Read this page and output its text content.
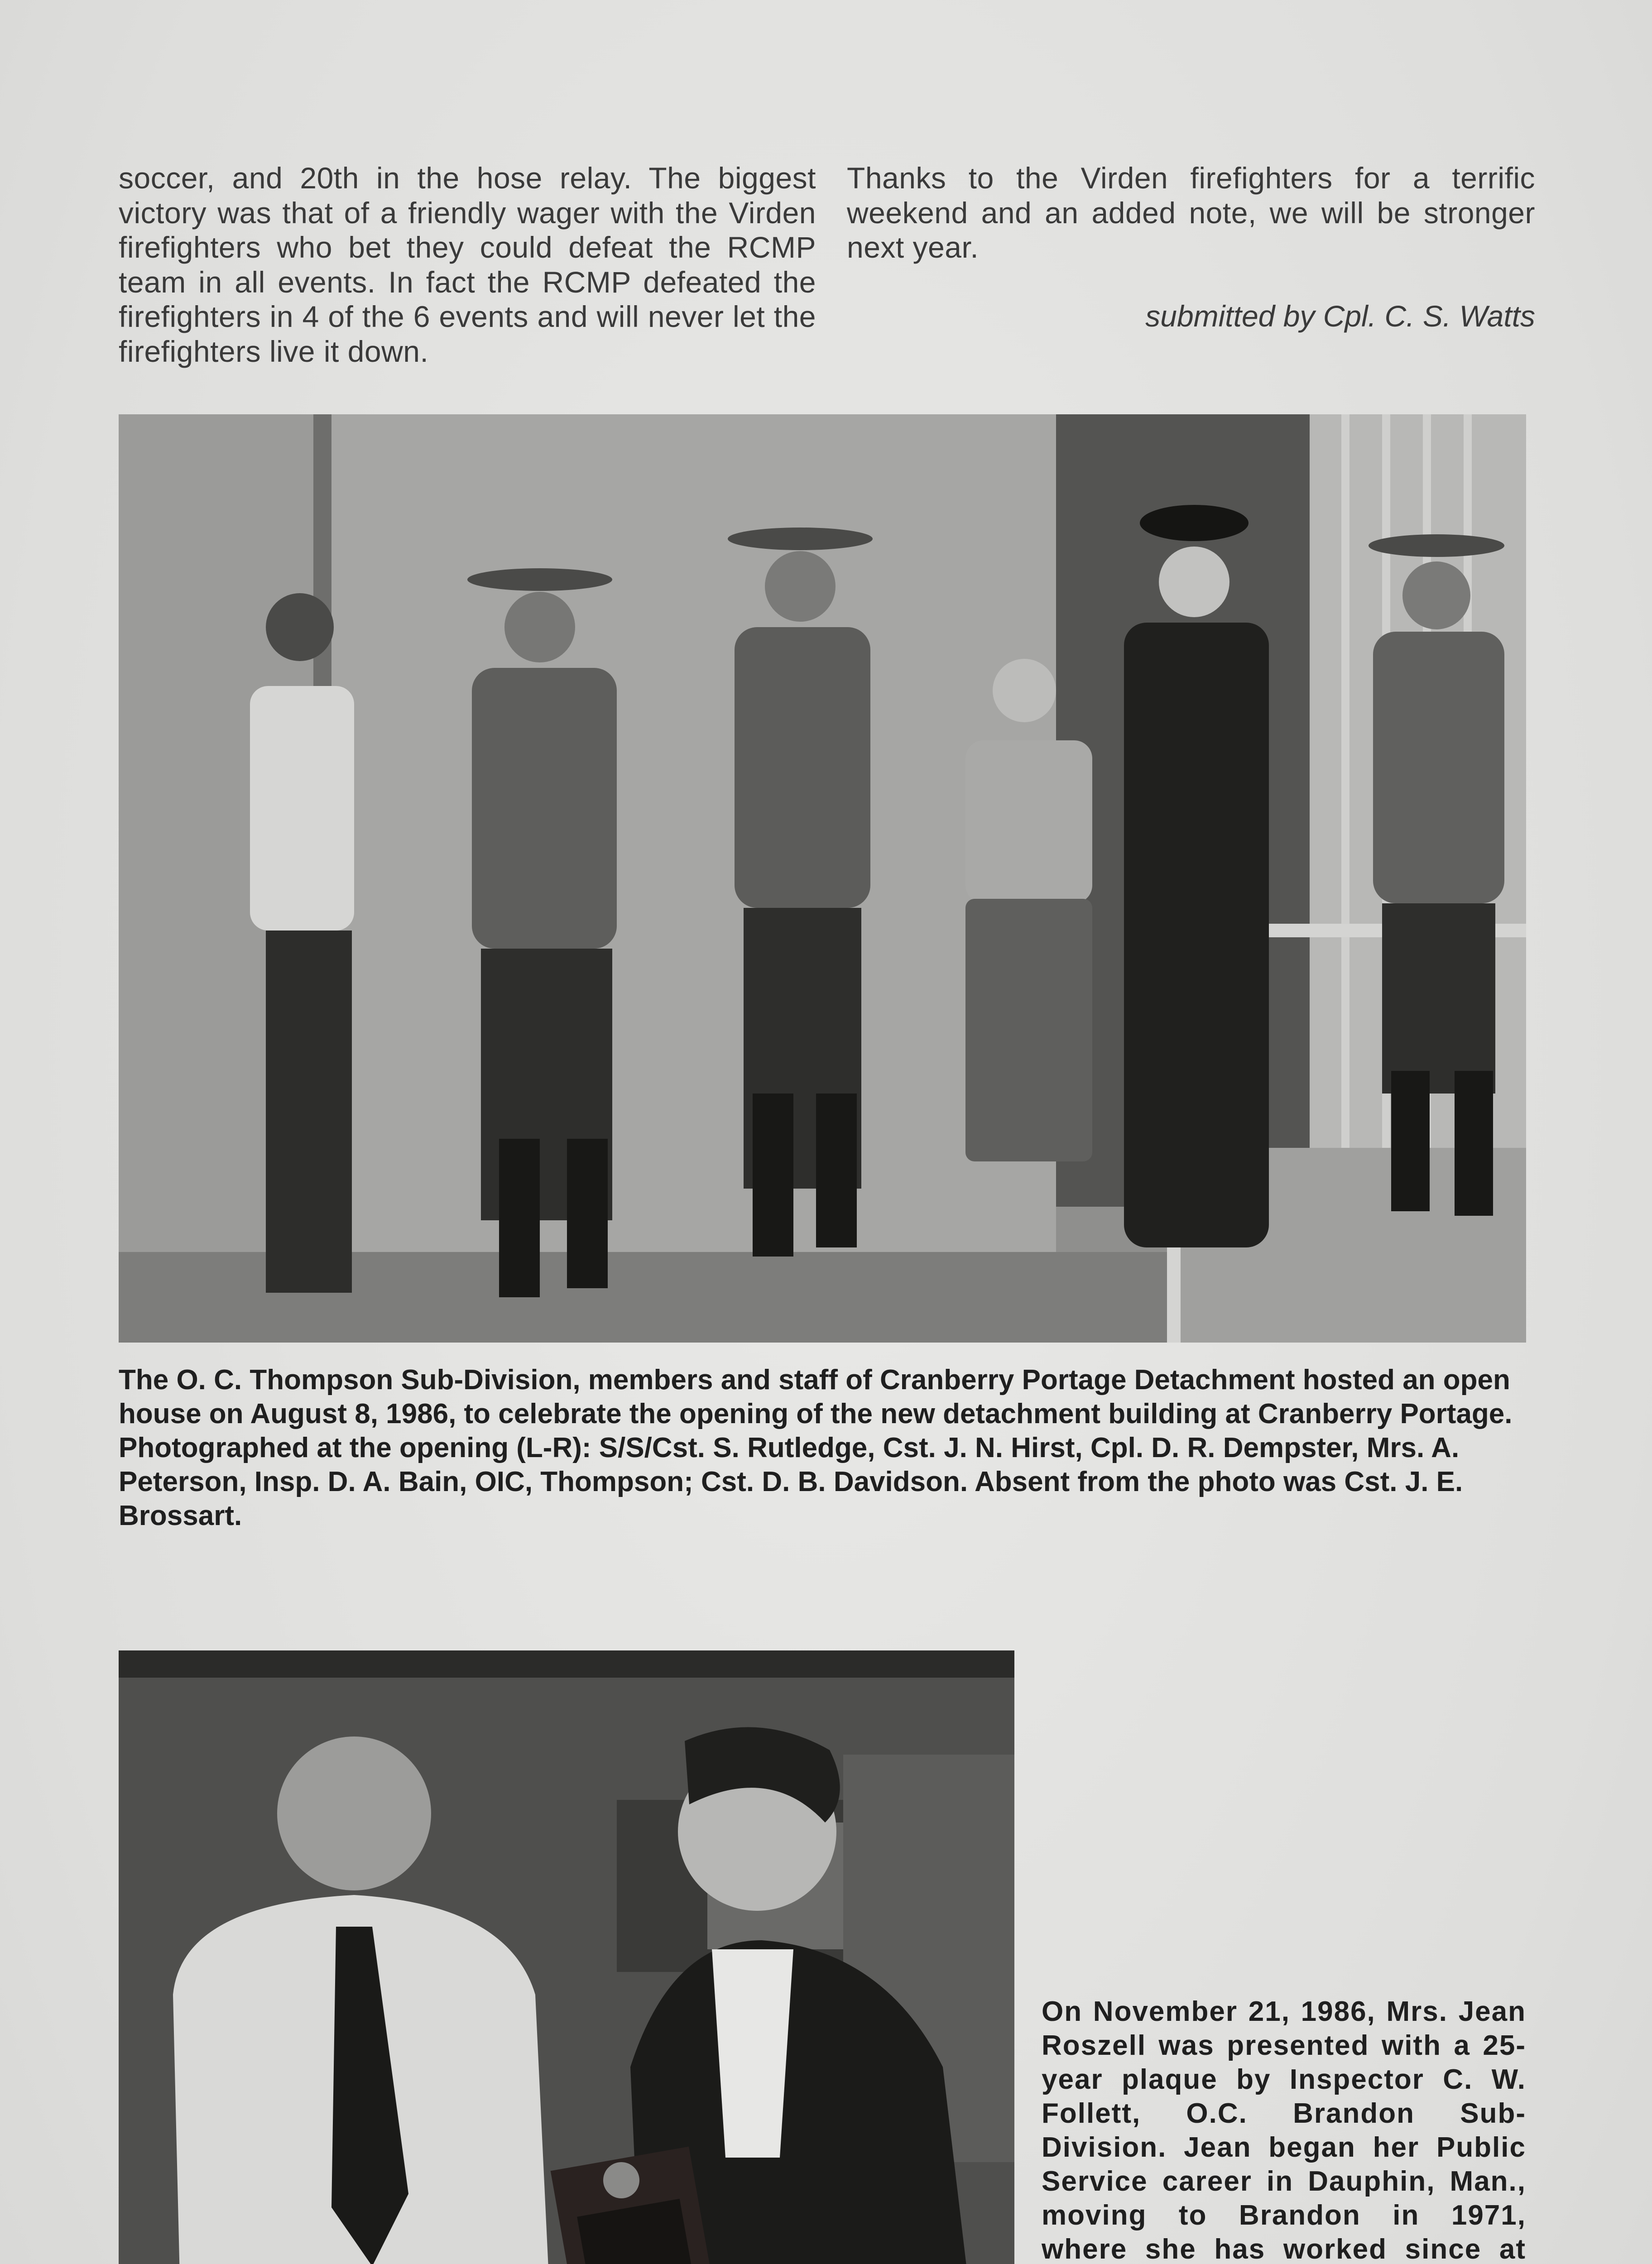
soccer, and 20th in the hose relay. The biggest victory was that of a friendly wager with the Virden firefighters who bet they could defeat the RCMP team in all events. In fact the RCMP defeated the firefighters in 4 of the 6 events and will never let the firefighters live it down.

Thanks to the Virden firefighters for a terrific weekend and an added note, we will be stronger next year.

submitted by Cpl. C. S. Watts

The O. C. Thompson Sub-Division, members and staff of Cranberry Portage Detachment hosted an open house on August 8, 1986, to celebrate the opening of the new detachment building at Cranberry Portage. Photographed at the opening (L-R): S/S/Cst. S. Rutledge, Cst. J. N. Hirst, Cpl. D. R. Dempster, Mrs. A. Peterson, Insp. D. A. Bain, OIC, Thompson; Cst. D. B. Davidson. Absent from the photo was Cst. J. E. Brossart.

On November 21, 1986, Mrs. Jean Roszell was presented with a 25-year plaque by Inspector C. W. Follett, O.C. Brandon Sub-Division. Jean began her Public Service career in Dauphin, Man., moving to Brandon in 1971, where she has worked since at
